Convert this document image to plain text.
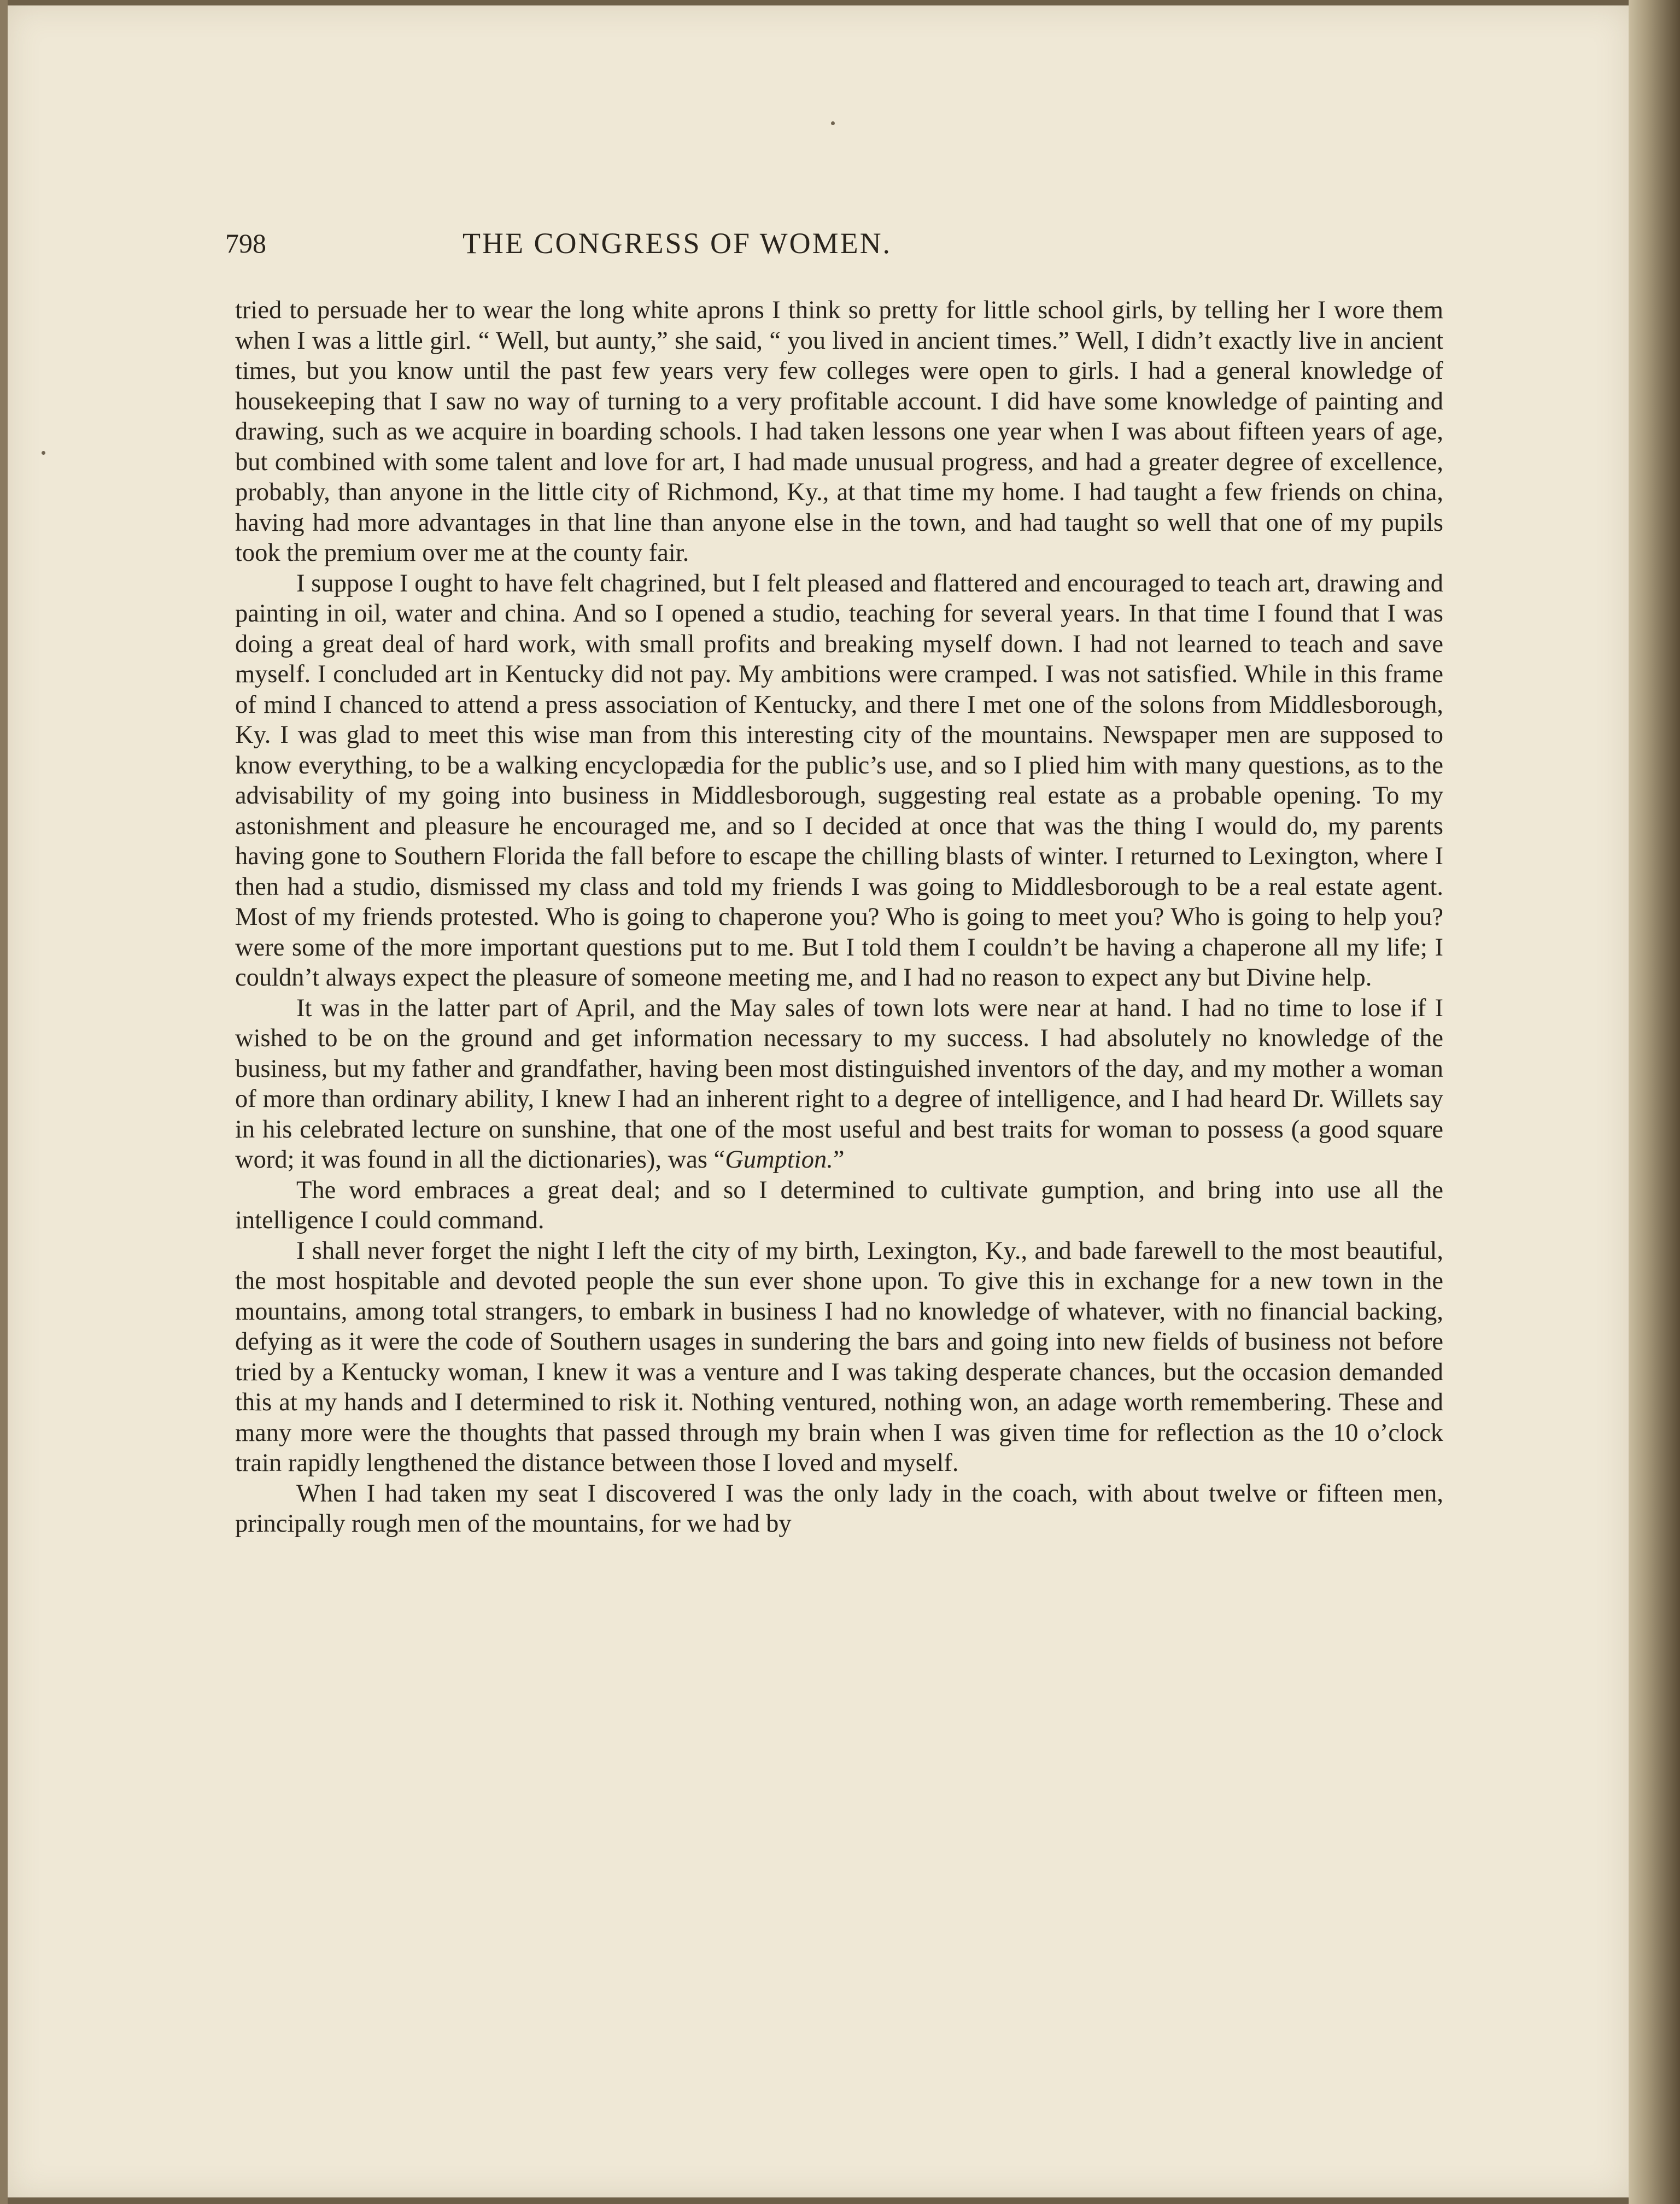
798	THE CONGRESS OF WOMEN.

tried to persuade her to wear the long white aprons I think so pretty for little school girls, by telling her I wore them when I was a little girl. “ Well, but aunty,” she said, “ you lived in ancient times.” Well, I didn’t exactly live in ancient times, but you know until the past few years very few colleges were open to girls. I had a general knowledge of housekeeping that I saw no way of turning to a very profitable account. I did have some knowledge of painting and drawing, such as we acquire in boarding schools. I had taken lessons one year when I was about fifteen years of age, but combined with some talent and love for art, I had made unusual progress, and had a greater degree of excellence, probably, than anyone in the little city of Richmond, Ky., at that time my home. I had taught a few friends on china, having had more advantages in that line than anyone else in the town, and had taught so well that one of my pupils took the premium over me at the county fair.

I suppose I ought to have felt chagrined, but I felt pleased and flattered and encouraged to teach art, drawing and painting in oil, water and china. And so I opened a studio, teaching for several years. In that time I found that I was doing a great deal of hard work, with small profits and breaking myself down. I had not learned to teach and save myself. I concluded art in Kentucky did not pay. My ambitions were cramped. I was not satisfied. While in this frame of mind I chanced to attend a press association of Kentucky, and there I met one of the solons from Middlesborough, Ky. I was glad to meet this wise man from this interesting city of the mountains. Newspaper men are supposed to know everything, to be a walking encyclopædia for the public’s use, and so I plied him with many questions, as to the advisability of my going into business in Middlesborough, suggesting real estate as a probable opening. To my astonishment and pleasure he encouraged me, and so I decided at once that was the thing I would do, my parents having gone to Southern Florida the fall before to escape the chilling blasts of winter. I returned to Lexington, where I then had a studio, dismissed my class and told my friends I was going to Middlesborough to be a real estate agent. Most of my friends protested. Who is going to chaperone you? Who is going to meet you? Who is going to help you? were some of the more important questions put to me. But I told them I couldn’t be having a chaperone all my life; I couldn’t always expect the pleasure of someone meeting me, and I had no reason to expect any but Divine help.

It was in the latter part of April, and the May sales of town lots were near at hand. I had no time to lose if I wished to be on the ground and get information necessary to my success. I had absolutely no knowledge of the business, but my father and grandfather, having been most distinguished inventors of the day, and my mother a woman of more than ordinary ability, I knew I had an inherent right to a degree of intelligence, and I had heard Dr. Willets say in his celebrated lecture on sunshine, that one of the most useful and best traits for woman to possess (a good square word; it was found in all the dictionaries), was “Gumption.”

The word embraces a great deal; and so I determined to cultivate gumption, and bring into use all the intelligence I could command.

I shall never forget the night I left the city of my birth, Lexington, Ky., and bade farewell to the most beautiful, the most hospitable and devoted people the sun ever shone upon. To give this in exchange for a new town in the mountains, among total strangers, to embark in business I had no knowledge of whatever, with no financial backing, defying as it were the code of Southern usages in sundering the bars and going into new fields of business not before tried by a Kentucky woman, I knew it was a venture and I was taking desperate chances, but the occasion demanded this at my hands and I determined to risk it. Nothing ventured, nothing won, an adage worth remembering. These and many more were the thoughts that passed through my brain when I was given time for reflection as the 10 o’clock train rapidly lengthened the distance between those I loved and myself.

When I had taken my seat I discovered I was the only lady in the coach, with about twelve or fifteen men, principally rough men of the mountains, for we had by
